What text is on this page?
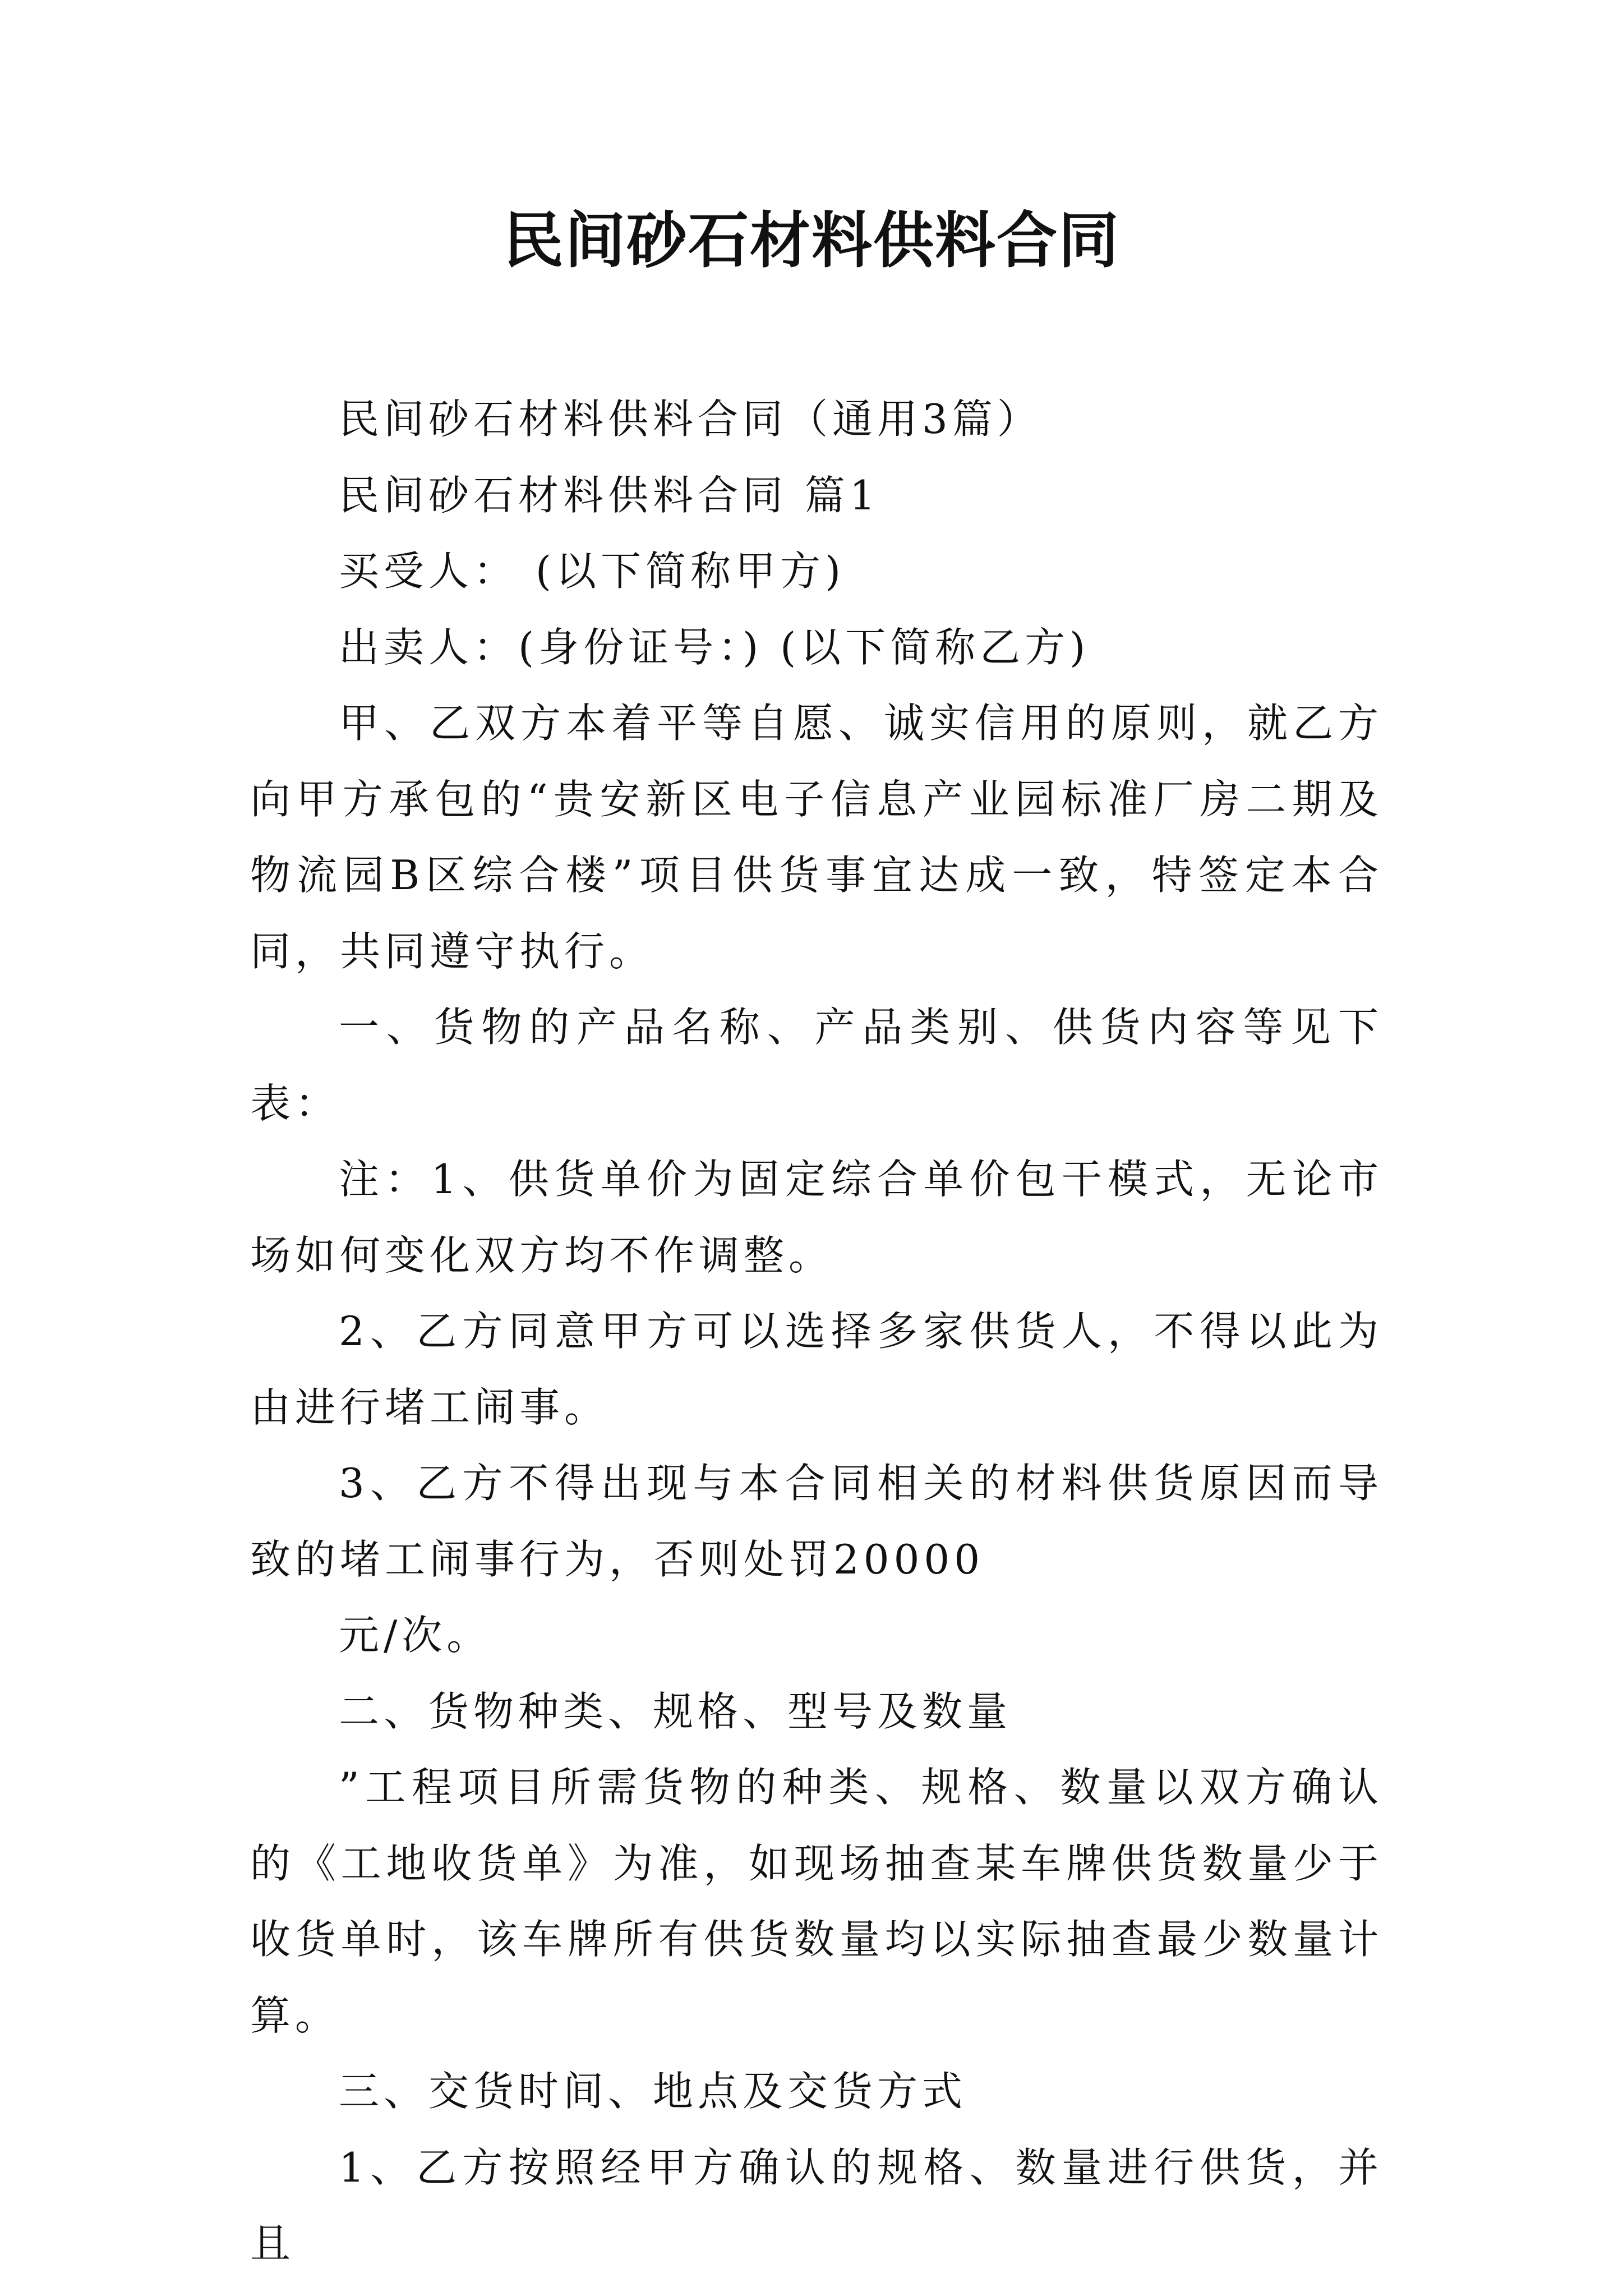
民间砂石材料供料合同

民间砂石材料供料合同（通用3篇）

民间砂石材料供料合同 篇1

买受人： (以下简称甲方)

出卖人：(身份证号：) (以下简称乙方)

甲、乙双方本着平等自愿、诚实信用的原则，就乙方向甲方承包的“贵安新区电子信息产业园标准厂房二期及物流园B区综合楼”项目供货事宜达成一致，特签定本合同，共同遵守执行。

一、货物的产品名称、产品类别、供货内容等见下表：

注：1、供货单价为固定综合单价包干模式，无论市场如何变化双方均不作调整。

2、乙方同意甲方可以选择多家供货人，不得以此为由进行堵工闹事。

3、乙方不得出现与本合同相关的材料供货原因而导致的堵工闹事行为，否则处罚20000

元/次。

二、货物种类、规格、型号及数量

”工程项目所需货物的种类、规格、数量以双方确认的《工地收货单》为准，如现场抽查某车牌供货数量少于收货单时，该车牌所有供货数量均以实际抽查最少数量计算。

三、交货时间、地点及交货方式

1、乙方按照经甲方确认的规格、数量进行供货，并且
